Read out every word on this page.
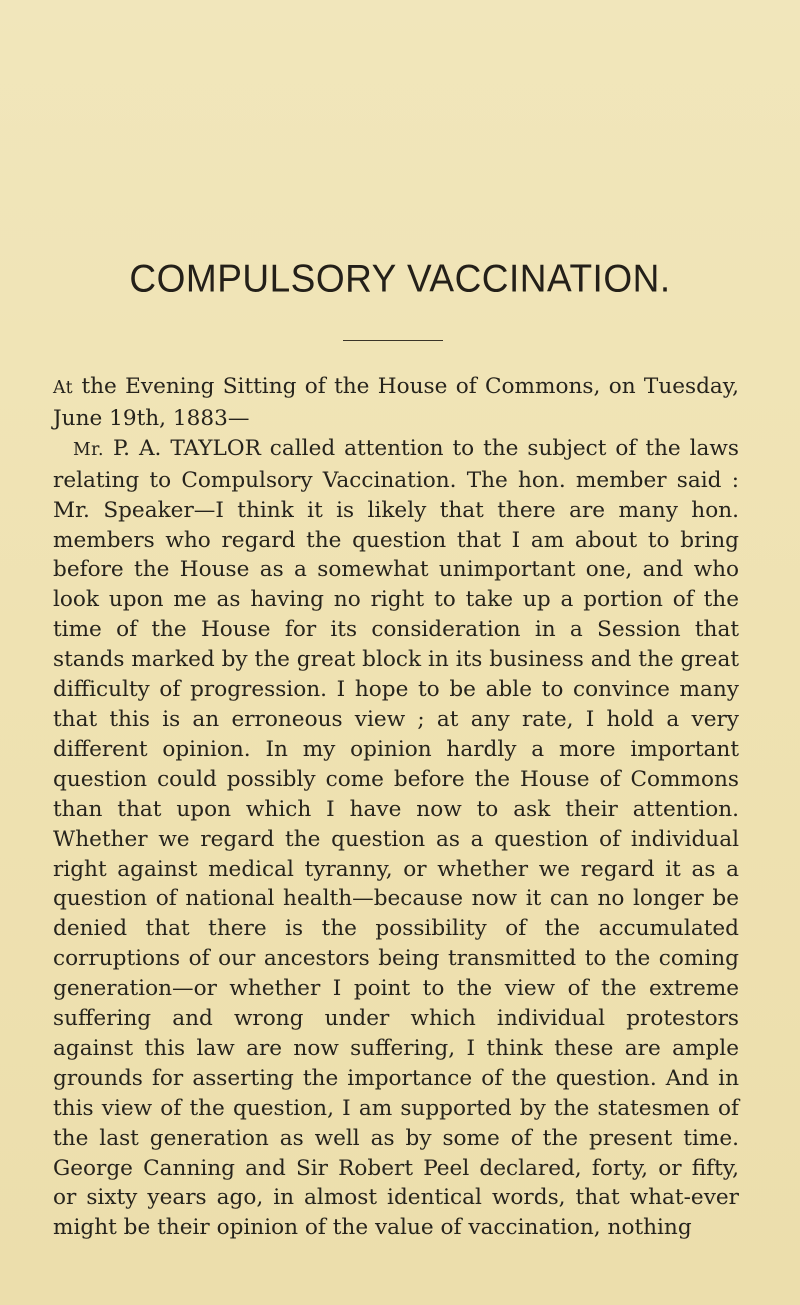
COMPULSORY VACCINATION.

At the Evening Sitting of the House of Commons, on Tuesday, June 19th, 1883—

Mr. P. A. TAYLOR called attention to the subject of the laws relating to Compulsory Vaccination. The hon. member said : Mr. Speaker—I think it is likely that there are many hon. members who regard the question that I am about to bring before the House as a somewhat unimportant one, and who look upon me as having no right to take up a portion of the time of the House for its consideration in a Session that stands marked by the great block in its business and the great difficulty of progression. I hope to be able to convince many that this is an erroneous view ; at any rate, I hold a very different opinion. In my opinion hardly a more important question could possibly come before the House of Commons than that upon which I have now to ask their attention. Whether we regard the question as a question of individual right against medical tyranny, or whether we regard it as a question of national health—because now it can no longer be denied that there is the possibility of the accumulated corruptions of our ancestors being transmitted to the coming generation—or whether I point to the view of the extreme suffering and wrong under which individual protestors against this law are now suffering, I think these are ample grounds for asserting the importance of the question. And in this view of the question, I am supported by the statesmen of the last generation as well as by some of the present time. George Canning and Sir Robert Peel declared, forty, or fifty, or sixty years ago, in almost identical words, that what-ever might be their opinion of the value of vaccination, nothing
